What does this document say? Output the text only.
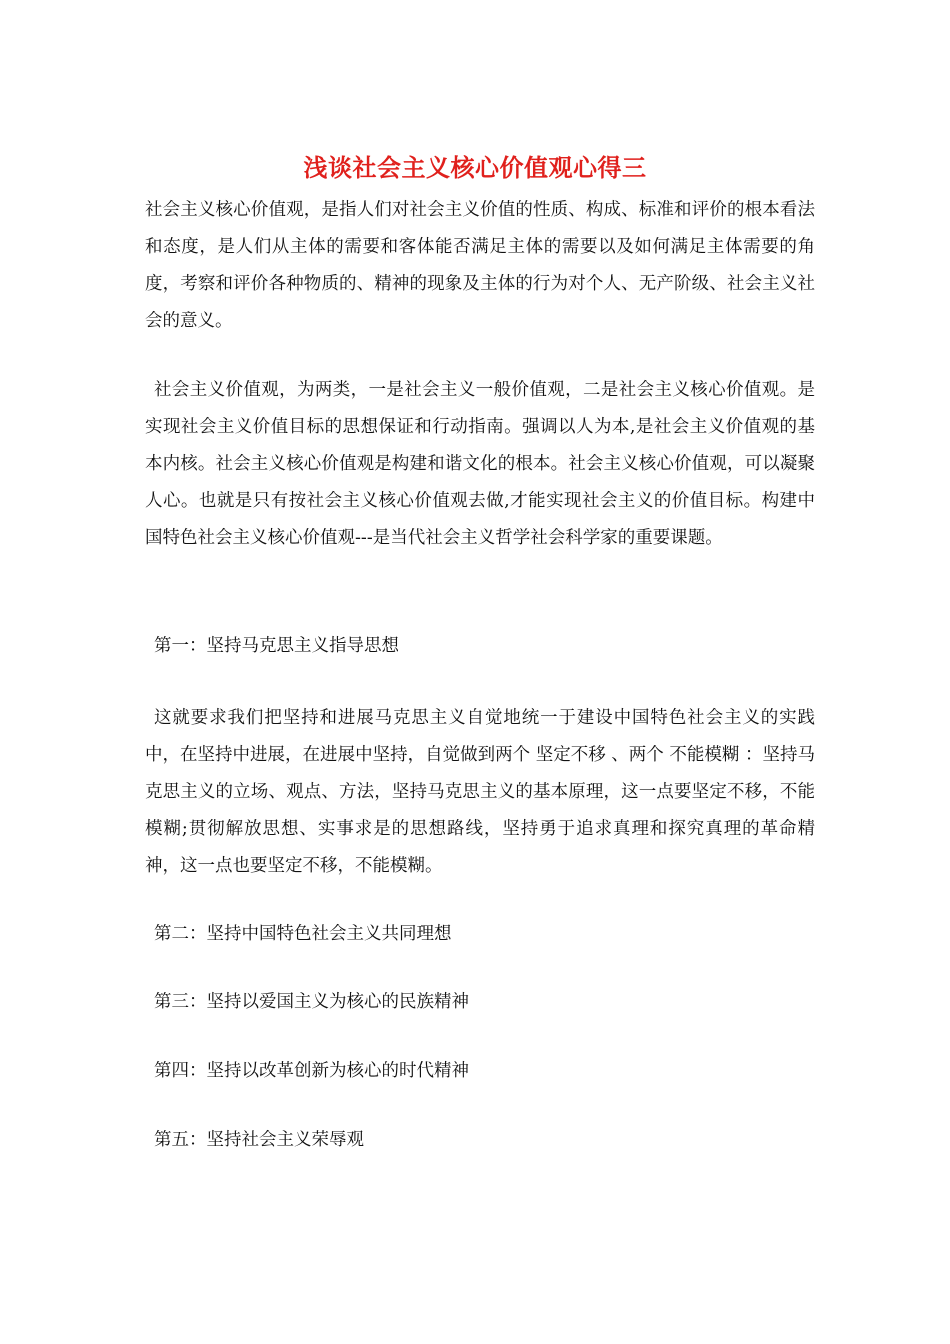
浅谈社会主义核心价值观心得三

社会主义核心价值观，是指人们对社会主义价值的性质、构成、标准和评价的根本看法和态度，是人们从主体的需要和客体能否满足主体的需要以及如何满足主体需要的角度，考察和评价各种物质的、精神的现象及主体的行为对个人、无产阶级、社会主义社会的意义。

社会主义价值观，为两类，一是社会主义一般价值观，二是社会主义核心价值观。是实现社会主义价值目标的思想保证和行动指南。强调以人为本,是社会主义价值观的基本内核。社会主义核心价值观是构建和谐文化的根本。社会主义核心价值观，可以凝聚人心。也就是只有按社会主义核心价值观去做,才能实现社会主义的价值目标。构建中国特色社会主义核心价值观---是当代社会主义哲学社会科学家的重要课题。

第一：坚持马克思主义指导思想

这就要求我们把坚持和进展马克思主义自觉地统一于建设中国特色社会主义的实践中，在坚持中进展，在进展中坚持，自觉做到两个 坚定不移 、两个 不能模糊 ：坚持马克思主义的立场、观点、方法，坚持马克思主义的基本原理，这一点要坚定不移，不能模糊;贯彻解放思想、实事求是的思想路线，坚持勇于追求真理和探究真理的革命精神，这一点也要坚定不移，不能模糊。

第二：坚持中国特色社会主义共同理想

第三：坚持以爱国主义为核心的民族精神

第四：坚持以改革创新为核心的时代精神

第五：坚持社会主义荣辱观
